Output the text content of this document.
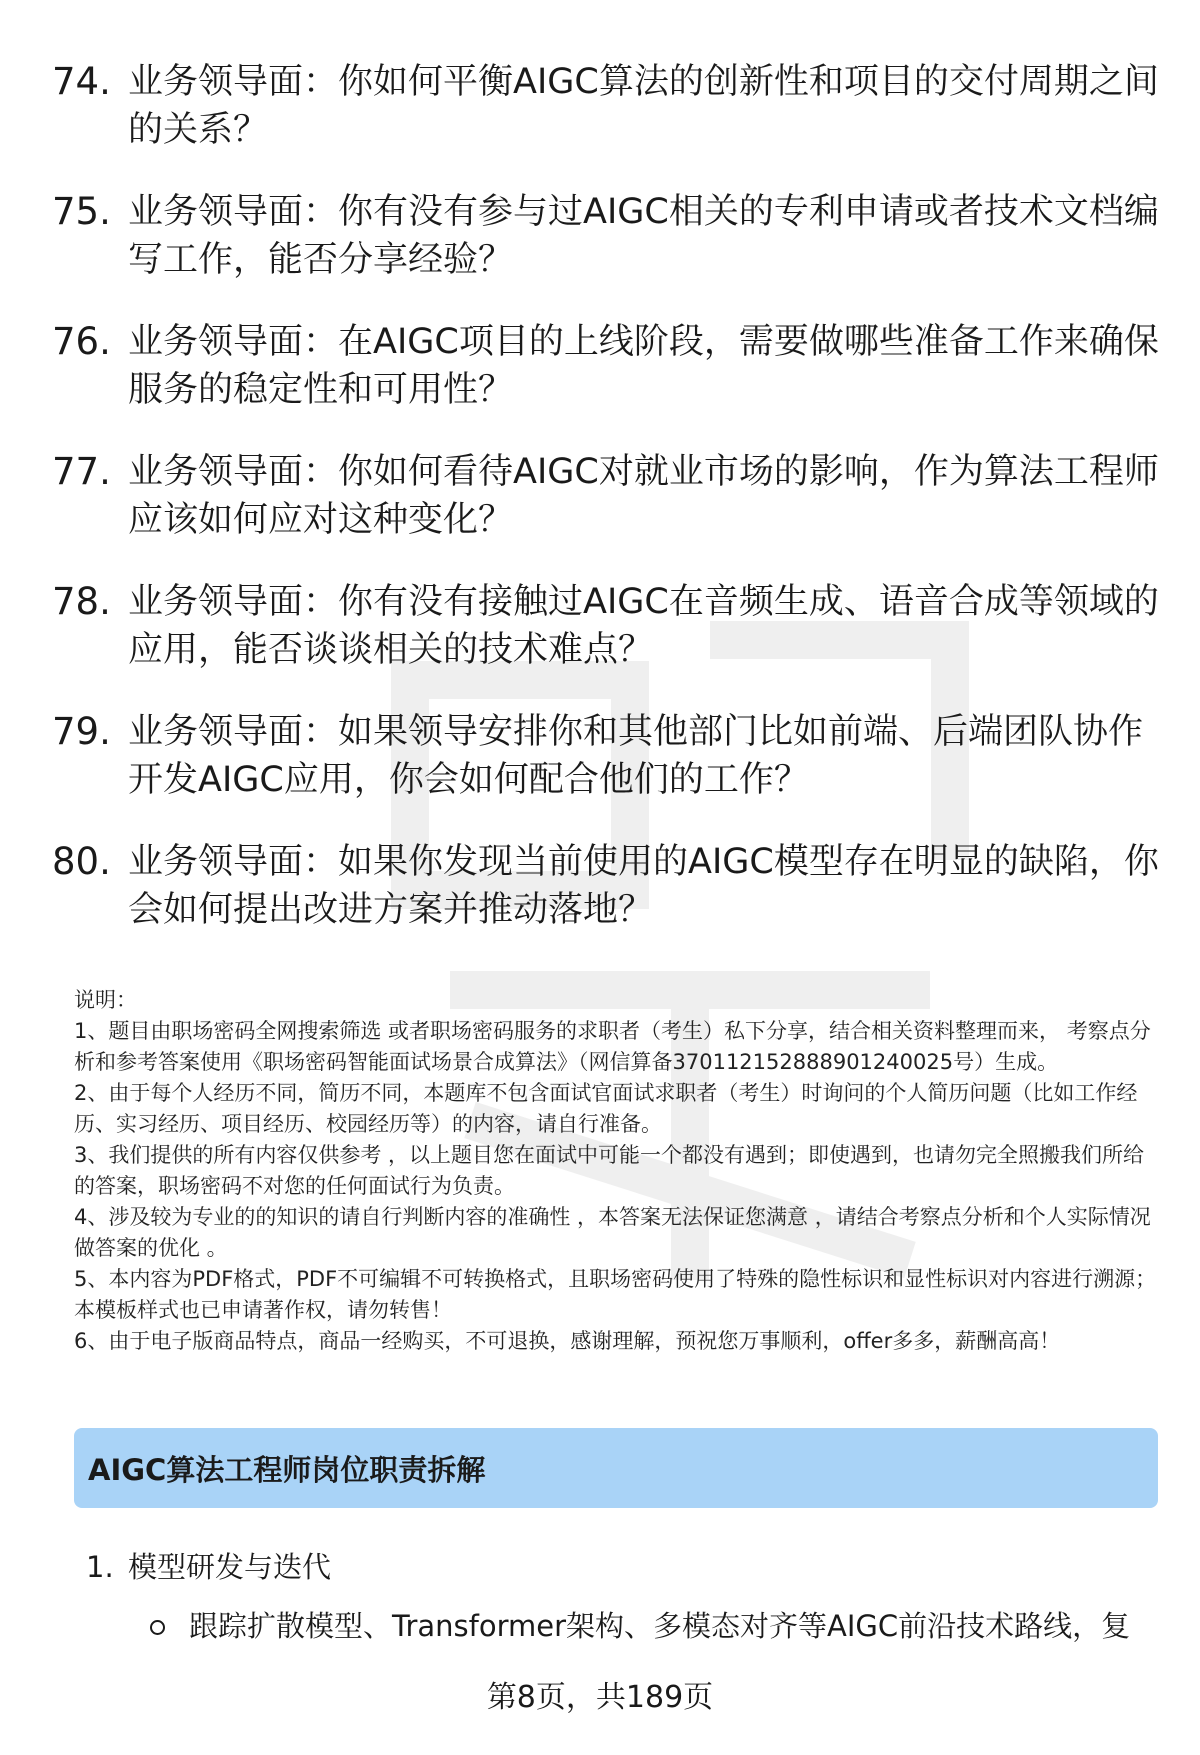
74. 业务领导面：你如何平衡AIGC算法的创新性和项目的交付周期之间的关系？
75. 业务领导面：你有没有参与过AIGC相关的专利申请或者技术文档编写工作，能否分享经验？
76. 业务领导面：在AIGC项目的上线阶段，需要做哪些准备工作来确保服务的稳定性和可用性？
77. 业务领导面：你如何看待AIGC对就业市场的影响，作为算法工程师应该如何应对这种变化？
78. 业务领导面：你有没有接触过AIGC在音频生成、语音合成等领域的应用，能否谈谈相关的技术难点？
79. 业务领导面：如果领导安排你和其他部门比如前端、后端团队协作开发AIGC应用，你会如何配合他们的工作？
80. 业务领导面：如果你发现当前使用的AIGC模型存在明显的缺陷，你会如何提出改进方案并推动落地？

说明：

1、题目由职场密码全网搜索筛选 或者职场密码服务的求职者（考生）私下分享，结合相关资料整理而来， 考察点分析和参考答案使用《职场密码智能面试场景合成算法》（网信算备370112152888901240025号）生成。

2、由于每个人经历不同，简历不同，本题库不包含面试官面试求职者（考生）时询问的个人简历问题（比如工作经历、实习经历、项目经历、校园经历等）的内容，请自行准备。

3、我们提供的所有内容仅供参考 ，以上题目您在面试中可能一个都没有遇到；即使遇到，也请勿完全照搬我们所给的答案，职场密码不对您的任何面试行为负责。

4、涉及较为专业的的知识的请自行判断内容的准确性 ，本答案无法保证您满意 ，请结合考察点分析和个人实际情况做答案的优化 。

5、本内容为PDF格式，PDF不可编辑不可转换格式，且职场密码使用了特殊的隐性标识和显性标识对内容进行溯源；本模板样式也已申请著作权，请勿转售！

6、由于电子版商品特点，商品一经购买，不可退换，感谢理解，预祝您万事顺利，offer多多，薪酬高高！

AIGC算法工程师岗位职责拆解
1. 模型研发与迭代
跟踪扩散模型、Transformer架构、多模态对齐等AIGC前沿技术路线，复
第8页，共189页
